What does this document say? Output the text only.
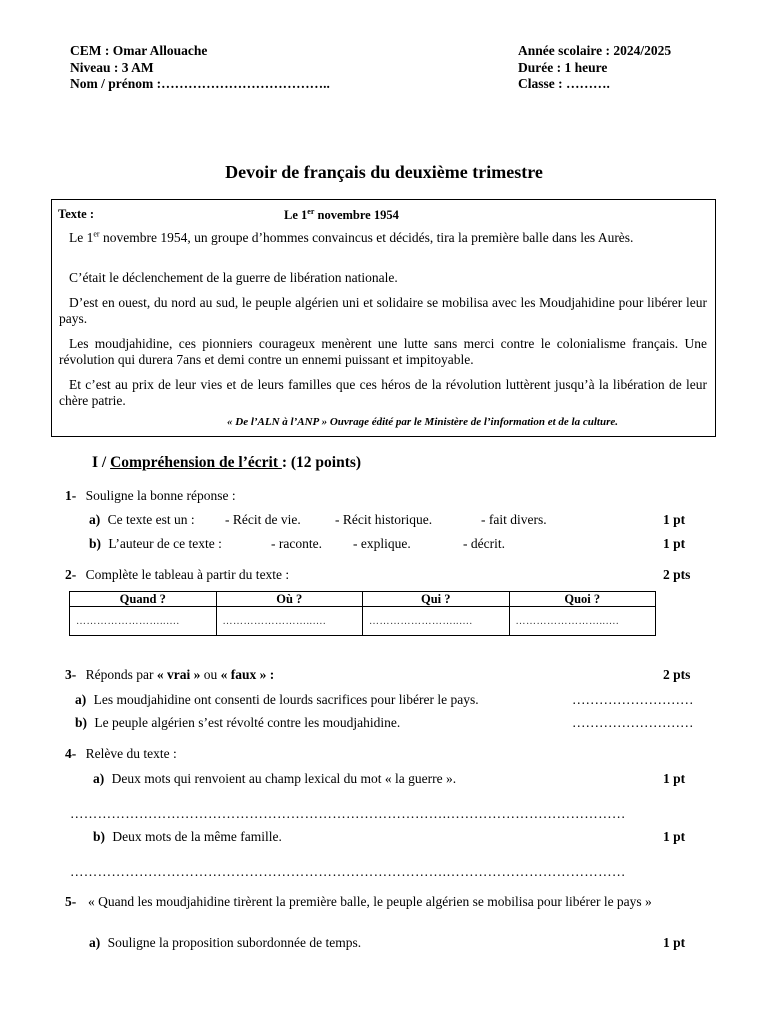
CEM : Omar Allouache
Niveau : 3 AM
Nom / prénom :………………………………..
Année scolaire : 2024/2025
Durée : 1 heure
Classe : ……….
Devoir de français du deuxième trimestre
Texte :	Le 1er novembre 1954
Le 1er novembre 1954, un groupe d’hommes convaincus et décidés, tira la première balle dans les Aurès.
C’était le déclenchement de la guerre de libération nationale.
D’est en ouest, du nord au sud, le peuple algérien uni et solidaire se mobilisa avec les Moudjahidine pour libérer leur pays.
Les moudjahidine, ces pionniers courageux menèrent une lutte sans merci contre le colonialisme français. Une révolution qui durera 7ans et demi contre un ennemi puissant et impitoyable.
Et c’est au prix de leur vies et de leurs familles que ces héros de la révolution luttèrent jusqu’à la libération de leur chère patrie.
« De l’ALN à l’ANP » Ouvrage édité par le Ministère de l’information et de la culture.
I / Compréhension de l’écrit : (12 points)
1- Souligne la bonne réponse :
a) Ce texte est un : - Récit de vie.	- Récit historique.	- fait divers.	1 pt
b) L’auteur de ce texte :	- raconte. - explique.	- décrit.	1 pt
2- Complète le tableau à partir du texte :	2 pts
Quand ?	Où ?	Qui ?	Quoi ?
……………………..….	……………………..….	……………………..….	……………………..….
3- Réponds par « vrai » ou « faux » :	2 pts
a) Les moudjahidine ont consenti de lourds sacrifices pour libérer le pays.	………………………
b) Le peuple algérien s’est révolté contre les moudjahidine.	………………………
4- Relève du texte :
a) Deux mots qui renvoient au champ lexical du mot « la guerre ».	1 pt
……………………………………………………………………….…………………………………
b) Deux mots de la même famille.	1 pt
……………………………………………………………………….…………………………………
5- « Quand les moudjahidine tirèrent la première balle, le peuple algérien se mobilisa pour libérer le pays »
a) Souligne la proposition subordonnée de temps.	1 pt
